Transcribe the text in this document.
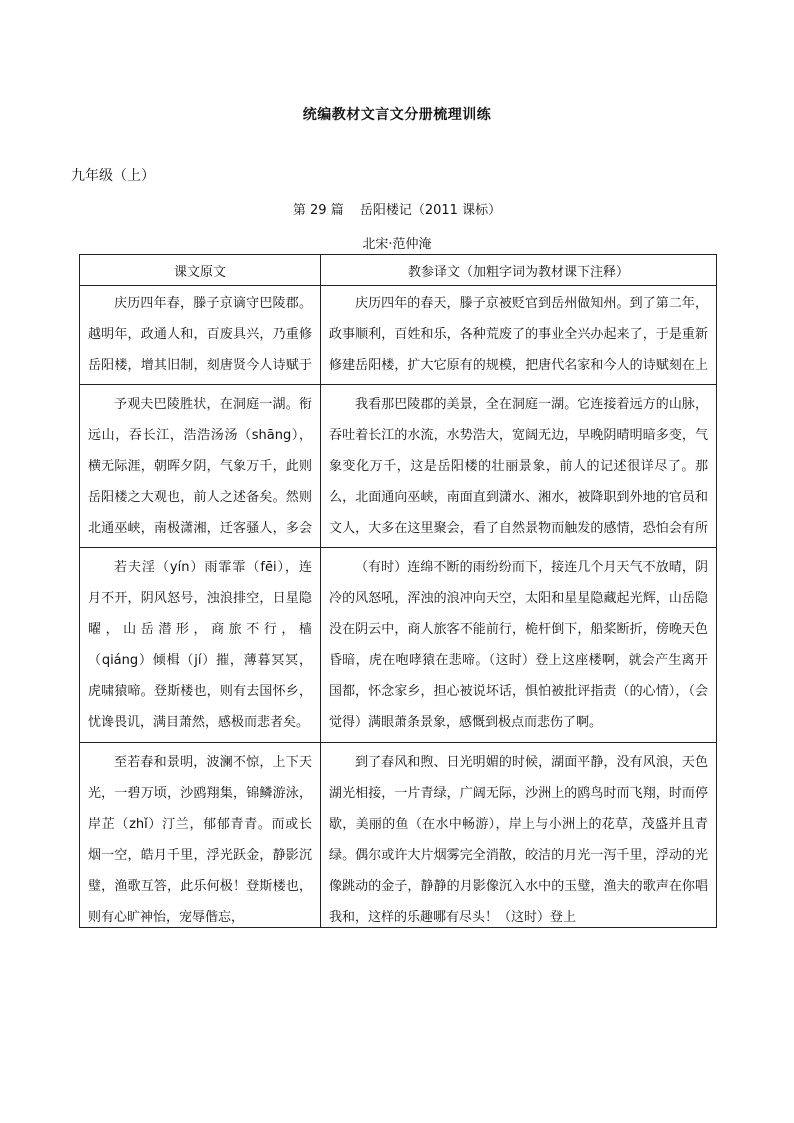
统编教材文言文分册梳理训练
九年级（上）
第 29 篇 岳阳楼记（2011 课标）
北宋·范仲淹
课文原文	教参译文（加粗字词为教材课下注释）

庆历四年春，滕子京谪守巴陵郡。越明年，政通人和，百废具兴，乃重修岳阳楼，增其旧制，刻唐贤今人诗赋于	庆历四年的春天，滕子京被贬官到岳州做知州。到了第二年，政事顺利，百姓和乐，各种荒废了的事业全兴办起来了，于是重新修建岳阳楼，扩大它原有的规模，把唐代名家和今人的诗赋刻在上

予观夫巴陵胜状，在洞庭一湖。衔远山，吞长江，浩浩汤汤（shāng），横无际涯，朝晖夕阴，气象万千，此则岳阳楼之大观也，前人之述备矣。然则北通巫峡，南极潇湘，迁客骚人，多会	我看那巴陵郡的美景，全在洞庭一湖。它连接着远方的山脉，吞吐着长江的水流，水势浩大，宽阔无边，早晚阴晴明暗多变，气象变化万千，这是岳阳楼的壮丽景象，前人的记述很详尽了。那么，北面通向巫峡，南面直到潇水、湘水，被降职到外地的官员和文人，大多在这里聚会，看了自然景物而触发的感情，恐怕会有所

若夫淫（yín）雨霏霏（fēi），连月不开，阴风怒号，浊浪排空，日星隐曜，山岳潜形，商旅不行，樯（qiáng）倾楫（jí）摧，薄暮冥冥，虎啸猿啼。登斯楼也，则有去国怀乡，忧谗畏讥，满目萧然，感极而悲者矣。	（有时）连绵不断的雨纷纷而下，接连几个月天气不放晴，阴冷的风怒吼，浑浊的浪冲向天空，太阳和星星隐藏起光辉，山岳隐没在阴云中，商人旅客不能前行，桅杆倒下，船桨断折，傍晚天色昏暗，虎在咆哮猿在悲啼。（这时）登上这座楼啊，就会产生离开国都，怀念家乡，担心被说坏话，惧怕被批评指责（的心情），（会觉得）满眼萧条景象，感慨到极点而悲伤了啊。

至若春和景明，波澜不惊，上下天光，一碧万顷，沙鸥翔集，锦鳞游泳，岸芷（zhǐ）汀兰，郁郁青青。而或长烟一空，皓月千里，浮光跃金，静影沉璧，渔歌互答，此乐何极！登斯楼也，则有心旷神怡，宠辱偕忘，	到了春风和煦、日光明媚的时候，湖面平静，没有风浪，天色湖光相接，一片青绿，广阔无际，沙洲上的鸥鸟时而飞翔，时而停歇，美丽的鱼（在水中畅游），岸上与小洲上的花草，茂盛并且青绿。偶尔或许大片烟雾完全消散，皎洁的月光一泻千里，浮动的光像跳动的金子，静静的月影像沉入水中的玉璧，渔夫的歌声在你唱我和，这样的乐趣哪有尽头！（这时）登上
